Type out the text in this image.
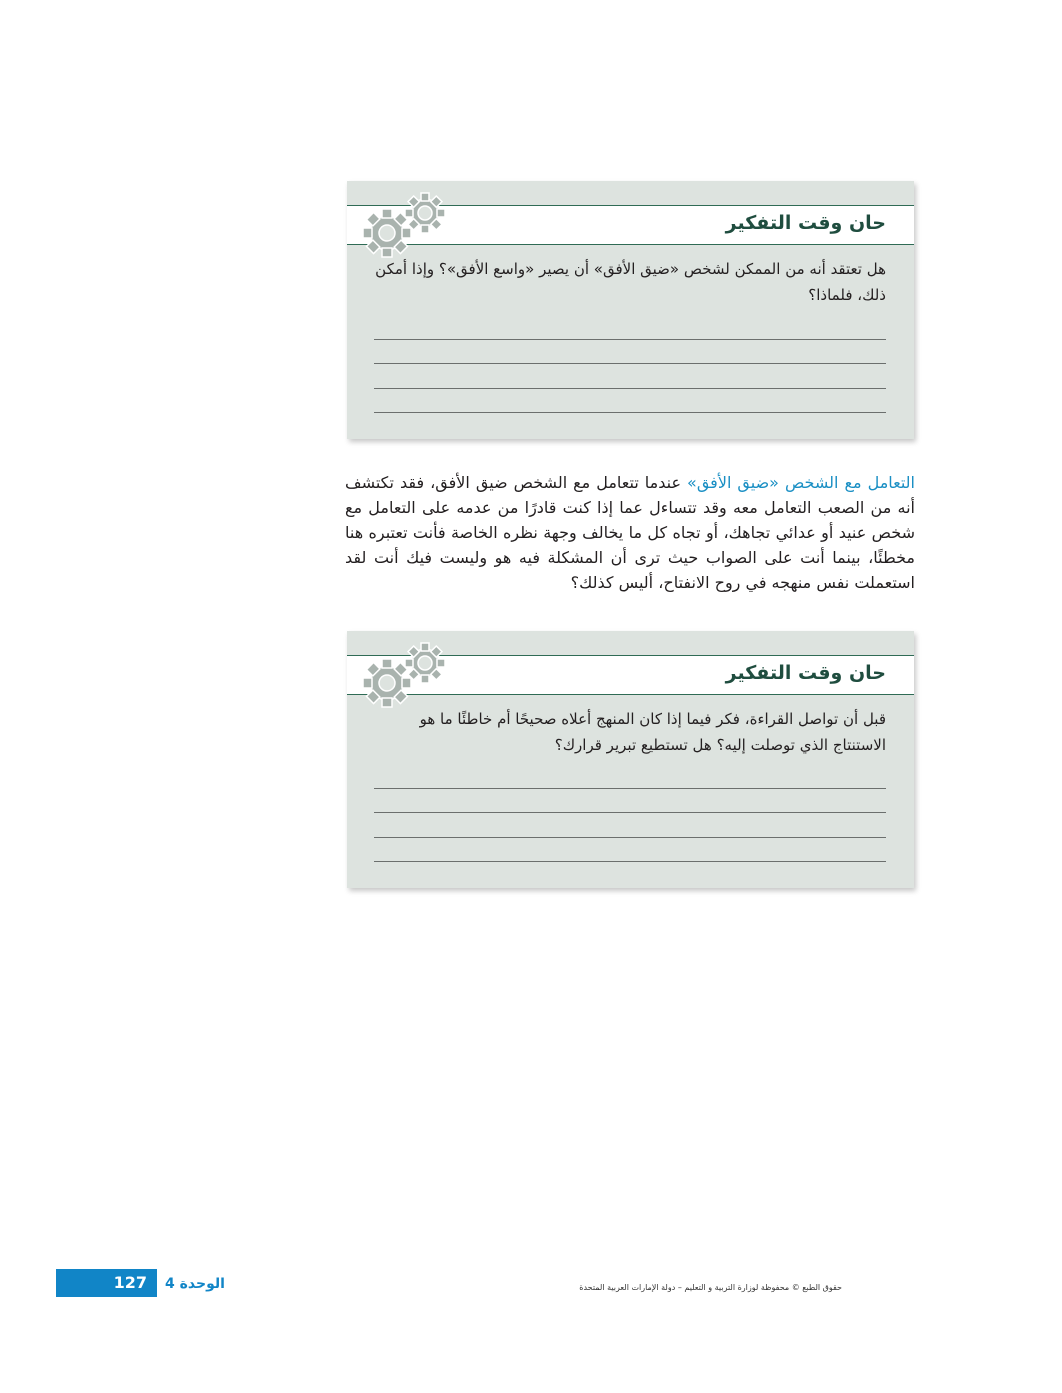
حان وقت التفكير
هل تعتقد أنه من الممكن لشخص «ضيق الأفق» أن يصير «واسع الأفق»؟ وإذا أمكن ذلك، فلماذا؟
التعامل مع الشخص «ضيق الأفق» عندما تتعامل مع الشخص ضيق الأفق، فقد تكتشف أنه من الصعب التعامل معه وقد تتساءل عما إذا كنت قادرًا من عدمه على التعامل مع شخص عنيد أو عدائي تجاهك، أو تجاه كل ما يخالف وجهة نظره الخاصة فأنت تعتبره هنا مخطئًا، بينما أنت على الصواب حيث ترى أن المشكلة فيه هو وليست فيك أنت لقد استعملت نفس منهجه في روح الانفتاح، أليس كذلك؟
حان وقت التفكير
قبل أن تواصل القراءة، فكر فيما إذا كان المنهج أعلاه صحيحًا أم خاطئًا ما هو الاستنتاج الذي توصلت إليه؟ هل تستطيع تبرير قرارك؟
127 الوحدة 4	حقوق الطبع © محفوظة لوزارة التربية و التعليم – دولة الإمارات العربية المتحدة
